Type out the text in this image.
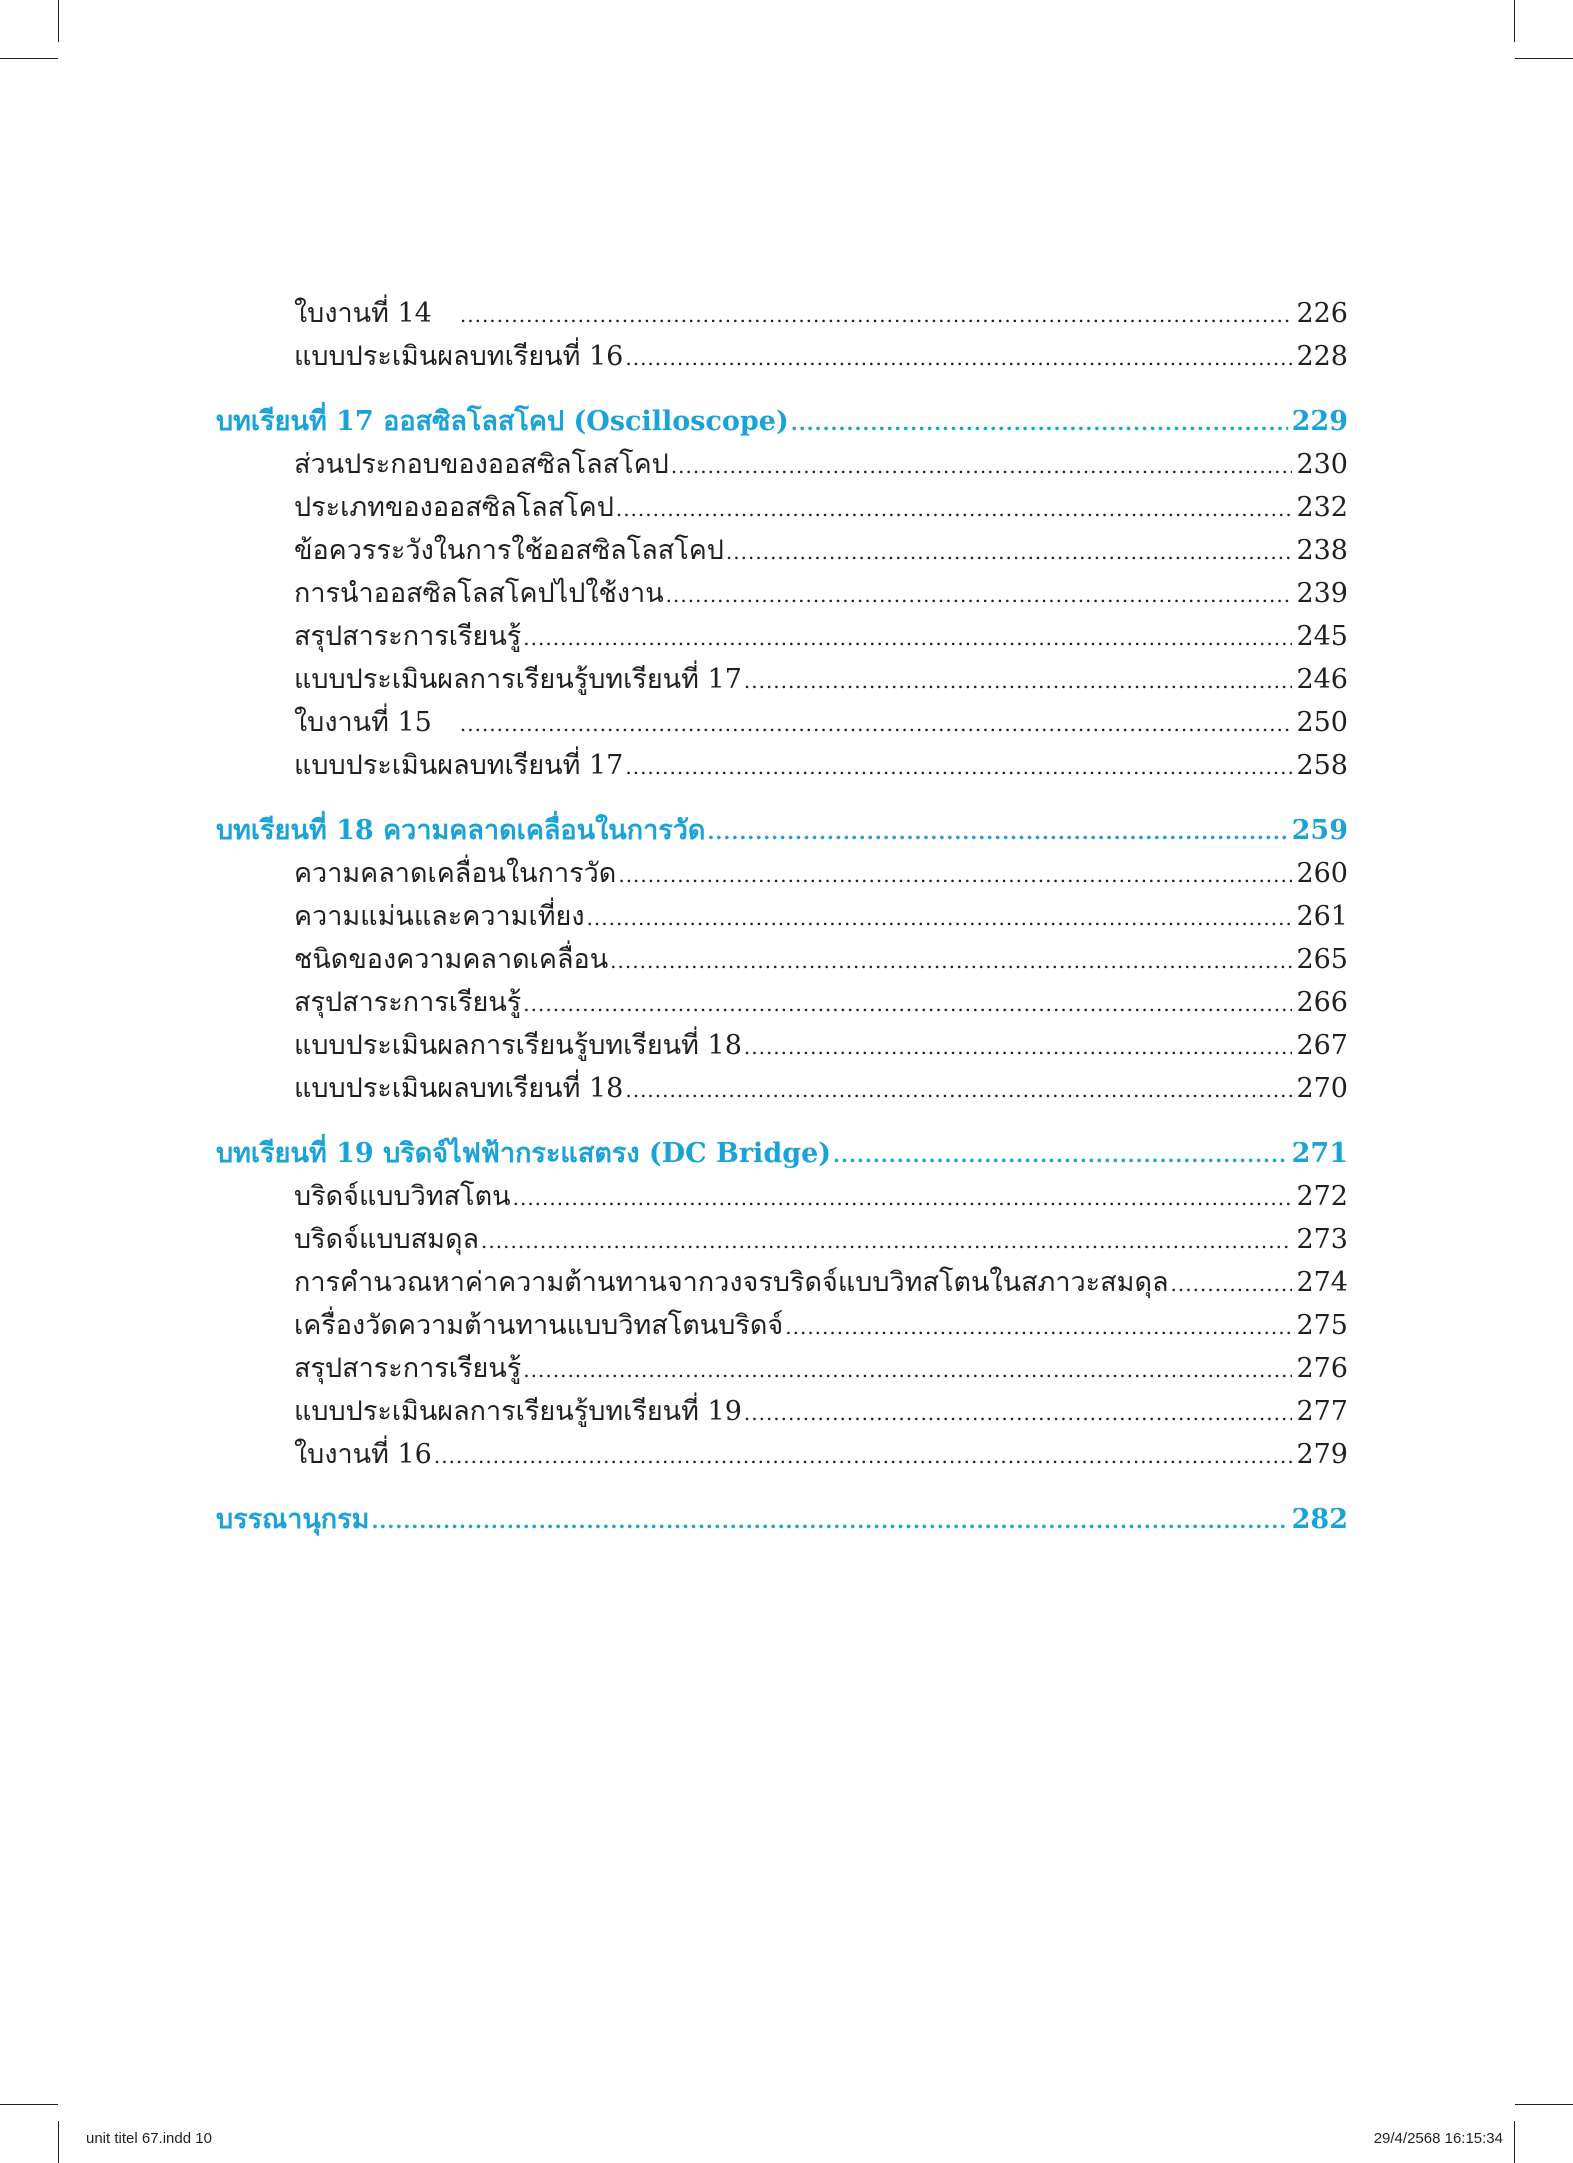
ใบงานที่ 14 .....	226
แบบประเมินผลบทเรียนที่ 16 .....	228
บทเรียนที่ 17 ออสซิลโลสโคป (Oscilloscope) .....	229
ส่วนประกอบของออสซิลโลสโคป .....	230
ประเภทของออสซิลโลสโคป .....	232
ข้อควรระวังในการใช้ออสซิลโลสโคป .....	238
การนำออสซิลโลสโคปไปใช้งาน .....	239
สรุปสาระการเรียนรู้ .....	245
แบบประเมินผลการเรียนรู้บทเรียนที่ 17 .....	246
ใบงานที่ 15 .....	250
แบบประเมินผลบทเรียนที่ 17 .....	258
บทเรียนที่ 18 ความคลาดเคลื่อนในการวัด .....	259
ความคลาดเคลื่อนในการวัด .....	260
ความแม่นและความเที่ยง .....	261
ชนิดของความคลาดเคลื่อน .....	265
สรุปสาระการเรียนรู้ .....	266
แบบประเมินผลการเรียนรู้บทเรียนที่ 18 .....	267
แบบประเมินผลบทเรียนที่ 18 .....	270
บทเรียนที่ 19 บริดจ์ไฟฟ้ากระแสตรง (DC Bridge) .....	271
บริดจ์แบบวิทสโตน .....	272
บริดจ์แบบสมดุล .....	273
การคำนวณหาค่าความต้านทานจากวงจรบริดจ์แบบวิทสโตนในสภาวะสมดุล .....	274
เครื่องวัดความต้านทานแบบวิทสโตนบริดจ์ .....	275
สรุปสาระการเรียนรู้ .....	276
แบบประเมินผลการเรียนรู้บทเรียนที่ 19 .....	277
ใบงานที่ 16 .....	279
บรรณานุกรม .....	282
unit titel 67.indd 10	29/4/2568 16:15:34
